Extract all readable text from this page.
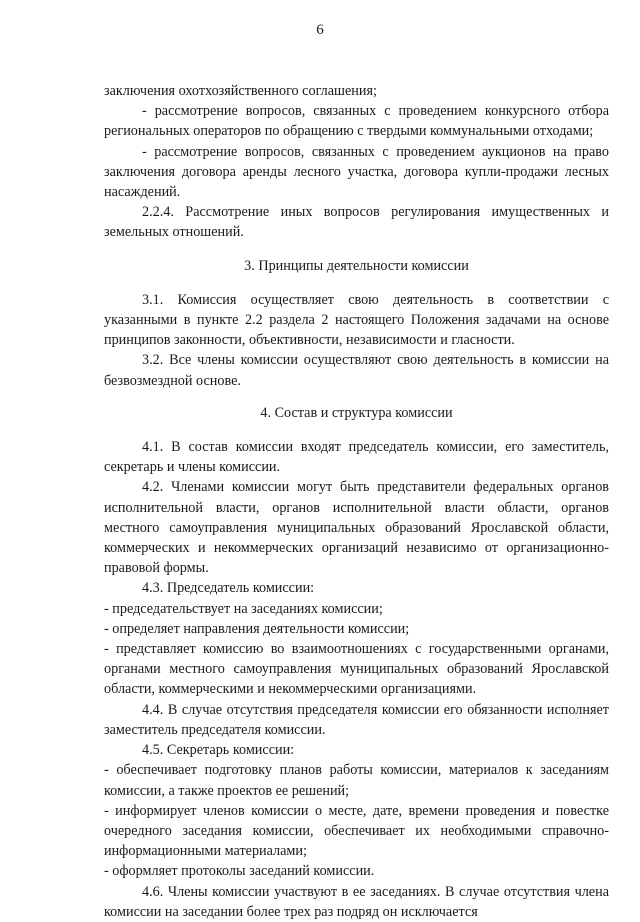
6

заключения охотхозяйственного соглашения;

- рассмотрение вопросов, связанных с проведением конкурсного отбора региональных операторов по обращению с твердыми коммунальными отходами;

- рассмотрение вопросов, связанных с проведением аукционов на право заключения договора аренды лесного участка, договора купли-продажи лесных насаждений.

2.2.4. Рассмотрение иных вопросов регулирования имущественных и земельных отношений.

3. Принципы деятельности комиссии

3.1. Комиссия осуществляет свою деятельность в соответствии с указанными в пункте 2.2 раздела 2 настоящего Положения задачами на основе принципов законности, объективности, независимости и гласности.

3.2. Все члены комиссии осуществляют свою деятельность в комиссии на безвозмездной основе.

4. Состав и структура комиссии

4.1. В состав комиссии входят председатель комиссии, его заместитель, секретарь и члены комиссии.

4.2. Членами комиссии могут быть представители федеральных органов исполнительной власти, органов исполнительной власти области, органов местного самоуправления муниципальных образований Ярославской области, коммерческих и некоммерческих организаций независимо от организационно-правовой формы.

4.3. Председатель комиссии:

- председательствует на заседаниях комиссии;

- определяет направления деятельности комиссии;

- представляет комиссию во взаимоотношениях с государственными органами, органами местного самоуправления муниципальных образований Ярославской области, коммерческими и некоммерческими организациями.

4.4. В случае отсутствия председателя комиссии его обязанности исполняет заместитель председателя комиссии.

4.5. Секретарь комиссии:

- обеспечивает подготовку планов работы комиссии, материалов к заседаниям комиссии, а также проектов ее решений;

- информирует членов комиссии о месте, дате, времени проведения и повестке очередного заседания комиссии, обеспечивает их необходимыми справочно-информационными материалами;

- оформляет протоколы заседаний комиссии.

4.6. Члены комиссии участвуют в ее заседаниях. В случае отсутствия члена комиссии на заседании более трех раз подряд он исключается
